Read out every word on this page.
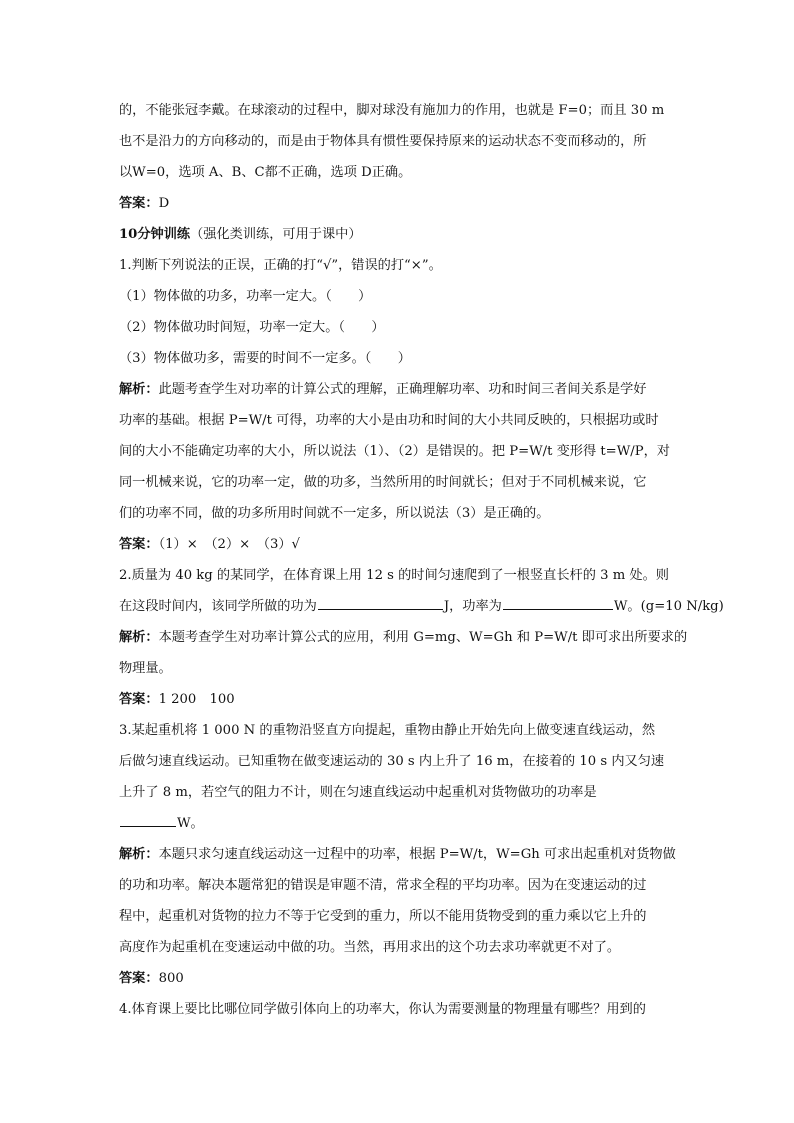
的，不能张冠李戴。在球滚动的过程中，脚对球没有施加力的作用，也就是 F=0；而且 30 m
也不是沿力的方向移动的，而是由于物体具有惯性要保持原来的运动状态不变而移动的，所
以W=0，选项 A、B、C都不正确，选项 D正确。
答案：D
10分钟训练（强化类训练，可用于课中）
1.判断下列说法的正误，正确的打“√”，错误的打“×”。
（1）物体做的功多，功率一定大。（　　）
（2）物体做功时间短，功率一定大。（　　）
（3）物体做功多，需要的时间不一定多。（　　）
解析：此题考查学生对功率的计算公式的理解，正确理解功率、功和时间三者间关系是学好
功率的基础。根据 P=W/t 可得，功率的大小是由功和时间的大小共同反映的，只根据功或时
间的大小不能确定功率的大小，所以说法（1）、（2）是错误的。把 P=W/t 变形得 t=W/P，对
同一机械来说，它的功率一定，做的功多，当然所用的时间就长；但对于不同机械来说，它
们的功率不同，做的功多所用时间就不一定多，所以说法（3）是正确的。
答案：（1）×　（2）×　（3）√
2.质量为 40 kg 的某同学，在体育课上用 12 s 的时间匀速爬到了一根竖直长杆的 3 m 处。则
在这段时间内，该同学所做的功为	J，功率为	W。(g=10 N/kg)
解析：本题考查学生对功率计算公式的应用，利用 G=mg、W=Gh 和 P=W/t 即可求出所要求的
物理量。
答案：1 200　100
3.某起重机将 1 000 N 的重物沿竖直方向提起，重物由静止开始先向上做变速直线运动，然
后做匀速直线运动。已知重物在做变速运动的 30 s 内上升了 16 m，在接着的 10 s 内又匀速
上升了 8 m，若空气的阻力不计，则在匀速直线运动中起重机对货物做功的功率是
W。
解析：本题只求匀速直线运动这一过程中的功率，根据 P=W/t，W=Gh 可求出起重机对货物做
的功和功率。解决本题常犯的错误是审题不清，常求全程的平均功率。因为在变速运动的过
程中，起重机对货物的拉力不等于它受到的重力，所以不能用货物受到的重力乘以它上升的
高度作为起重机在变速运动中做的功。当然，再用求出的这个功去求功率就更不对了。
答案：800
4.体育课上要比比哪位同学做引体向上的功率大，你认为需要测量的物理量有哪些？用到的
